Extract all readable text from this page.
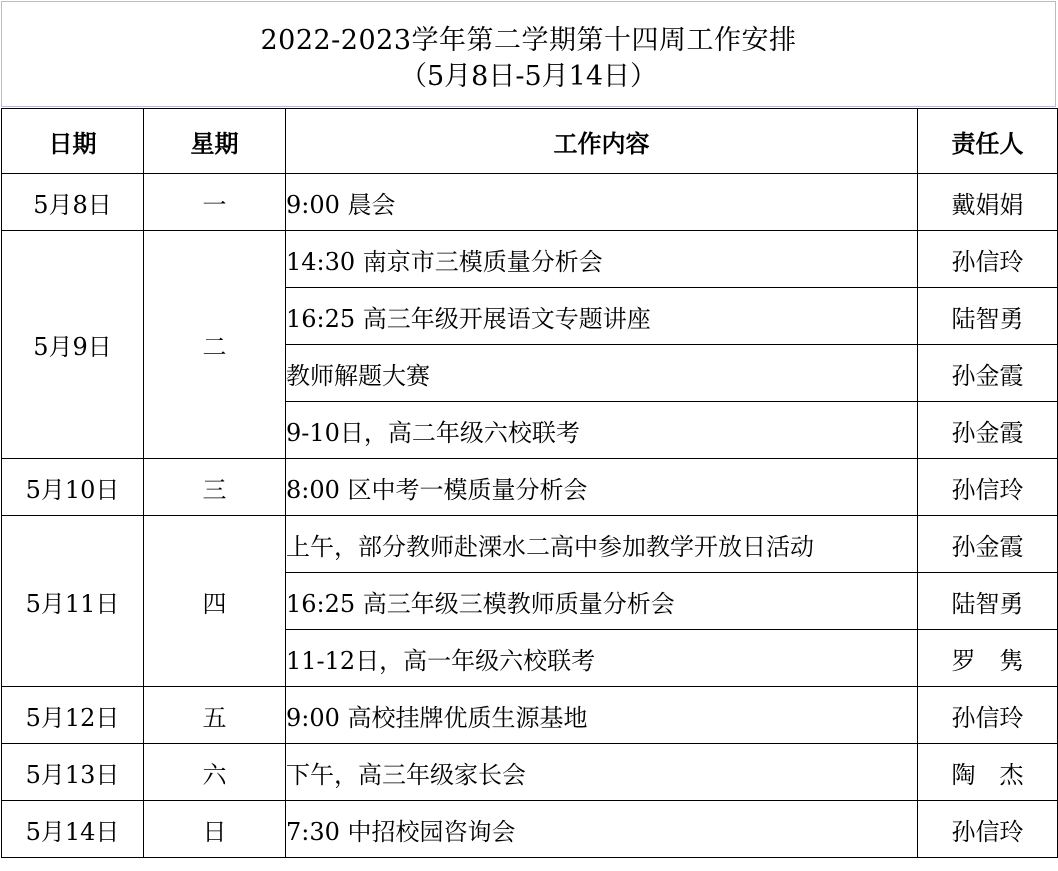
2022-2023学年第二学期第十四周工作安排
（5月8日-5月14日）
日期	星期	工作内容	责任人
5月8日	一	9:00 晨会	戴娟娟
5月9日	二	14:30 南京市三模质量分析会	孙信玲
		16:25 高三年级开展语文专题讲座	陆智勇
		教师解题大赛	孙金霞
		9-10日，高二年级六校联考	孙金霞
5月10日	三	8:00 区中考一模质量分析会	孙信玲
5月11日	四	上午，部分教师赴溧水二高中参加教学开放日活动	孙金霞
		16:25 高三年级三模教师质量分析会	陆智勇
		11-12日，高一年级六校联考	罗　隽
5月12日	五	9:00 高校挂牌优质生源基地	孙信玲
5月13日	六	下午，高三年级家长会	陶　杰
5月14日	日	7:30 中招校园咨询会	孙信玲
